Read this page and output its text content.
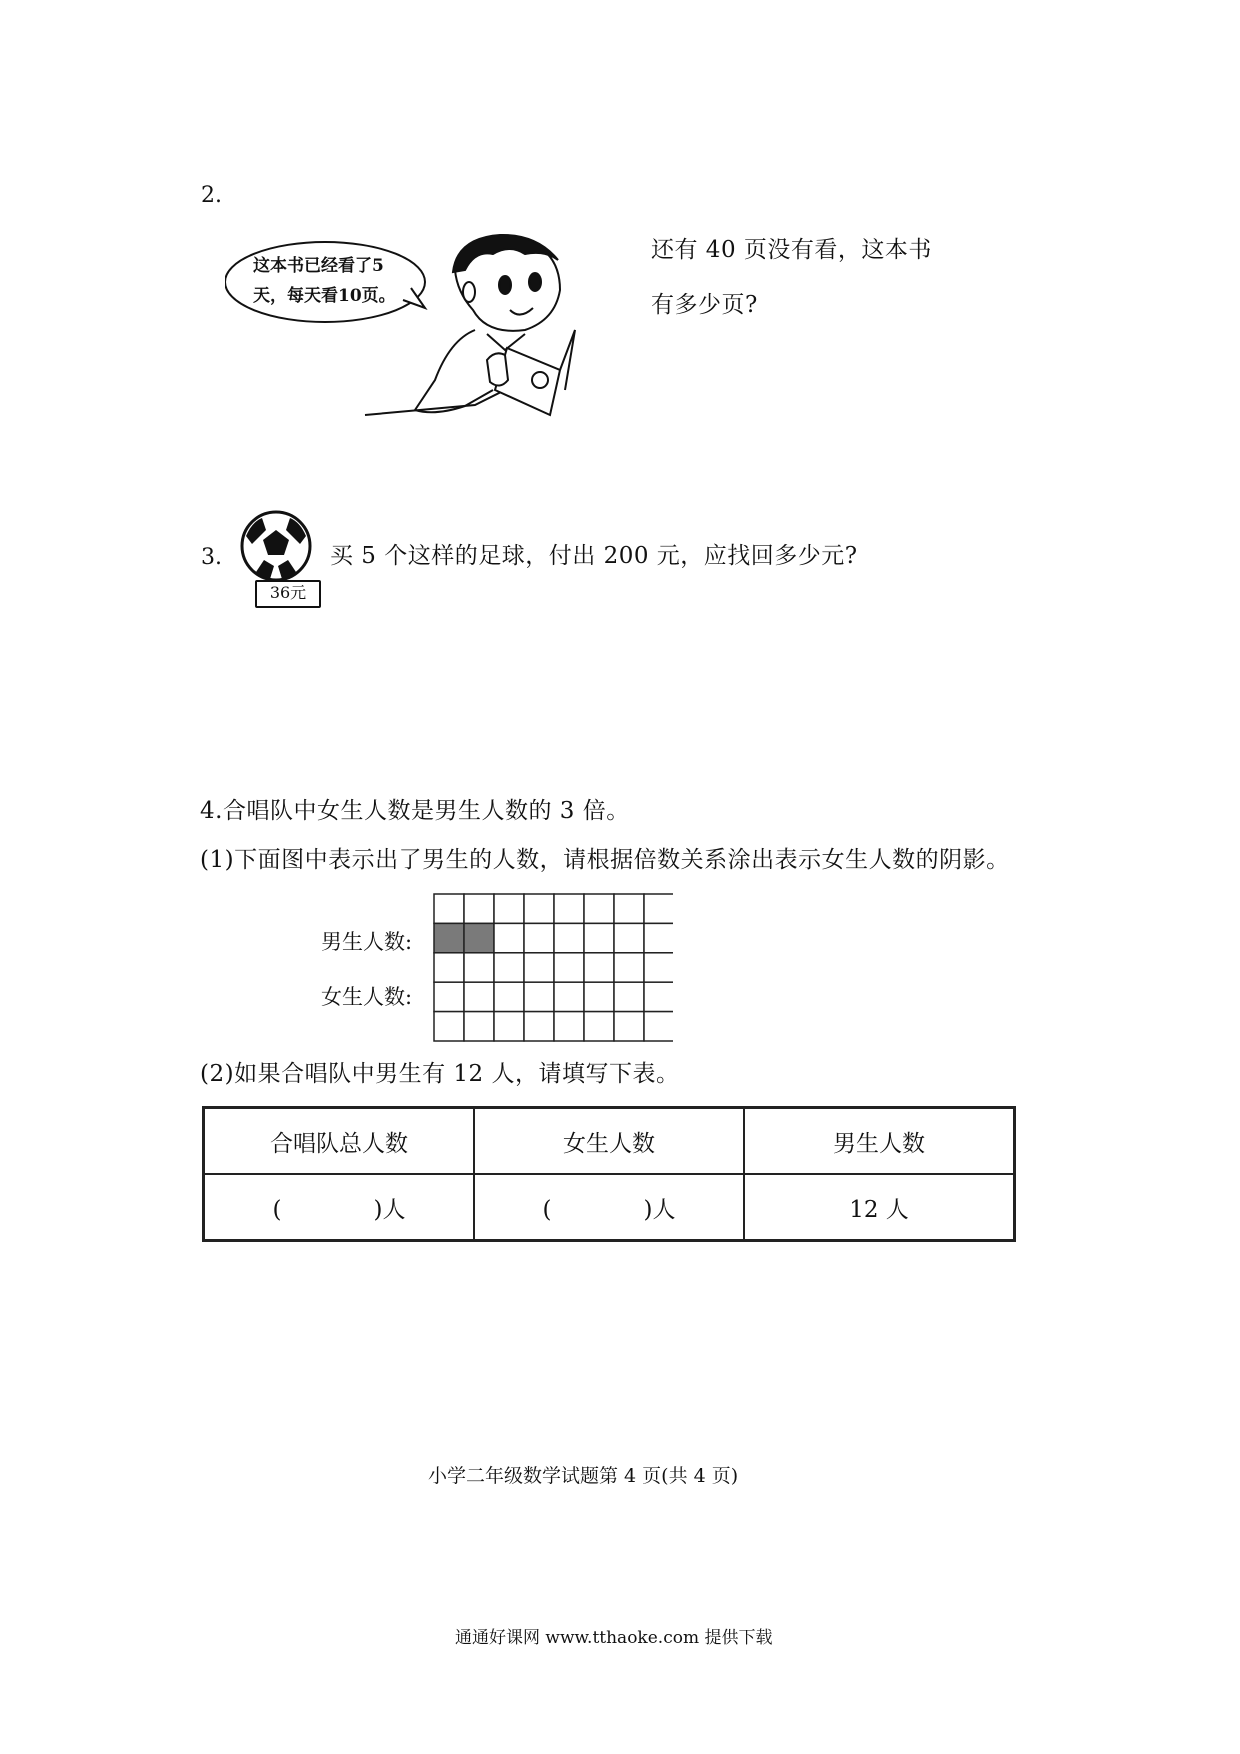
2.
这本书已经看了5
天，每天看10页。
还有 40 页没有看，这本书
有多少页?
3.
36元
买 5 个这样的足球，付出 200 元，应找回多少元?
4.合唱队中女生人数是男生人数的 3 倍。
(1)下面图中表示出了男生的人数，请根据倍数关系涂出表示女生人数的阴影。
男生人数:
女生人数:
(2)如果合唱队中男生有 12 人，请填写下表。
合唱队总人数	女生人数	男生人数
(　　　　)人	(　　　　)人	12 人
小学二年级数学试题第 4 页(共 4 页)
通通好课网 www.tthaoke.com 提供下载
